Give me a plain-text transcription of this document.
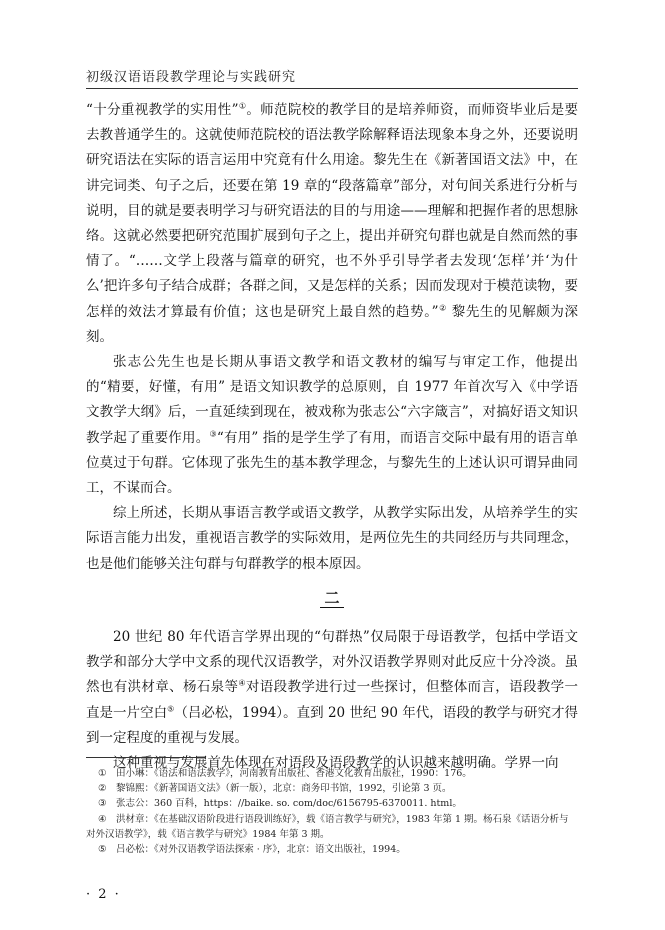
初级汉语语段教学理论与实践研究

“十分重视教学的实用性”①。师范院校的教学目的是培养师资，而师资毕业后是要去教普通学生的。这就使师范院校的语法教学除解释语法现象本身之外，还要说明研究语法在实际的语言运用中究竟有什么用途。黎先生在《新著国语文法》中，在讲完词类、句子之后，还要在第 19 章的“段落篇章”部分，对句间关系进行分析与说明，目的就是要表明学习与研究语法的目的与用途——理解和把握作者的思想脉络。这就必然要把研究范围扩展到句子之上，提出并研究句群也就是自然而然的事情了。“……文学上段落与篇章的研究，也不外乎引导学者去发现‘怎样’并‘为什么’把许多句子结合成群；各群之间，又是怎样的关系；因而发现对于模范读物，要怎样的效法才算最有价值；这也是研究上最自然的趋势。”② 黎先生的见解颇为深刻。

张志公先生也是长期从事语文教学和语文教材的编写与审定工作，他提出的“精要，好懂，有用” 是语文知识教学的总原则，自 1977 年首次写入《中学语文教学大纲》后，一直延续到现在，被戏称为张志公“六字箴言”，对搞好语文知识教学起了重要作用。③“有用” 指的是学生学了有用，而语言交际中最有用的语言单位莫过于句群。它体现了张先生的基本教学理念，与黎先生的上述认识可谓异曲同工，不谋而合。

综上所述，长期从事语言教学或语文教学，从教学实际出发，从培养学生的实际语言能力出发，重视语言教学的实际效用，是两位先生的共同经历与共同理念，也是他们能够关注句群与句群教学的根本原因。

二

20 世纪 80 年代语言学界出现的“句群热”仅局限于母语教学，包括中学语文教学和部分大学中文系的现代汉语教学，对外汉语教学界则对此反应十分冷淡。虽然也有洪材章、杨石泉等④对语段教学进行过一些探讨，但整体而言，语段教学一直是一片空白⑤（吕必松，1994）。直到 20 世纪 90 年代，语段的教学与研究才得到一定程度的重视与发展。

这种重视与发展首先体现在对语段及语段教学的认识越来越明确。学界一向

① 田小琳：《语法和语法教学》，河南教育出版社、香港文化教育出版社，1990：176。

② 黎锦熙：《新著国语文法》（新一版），北京：商务印书馆，1992，引论第 3 页。

③ 张志公：360 百科，https：//baike. so. com/doc/6156795-6370011. html。

④ 洪材章：《在基础汉语阶段进行语段训练好》，载《语言教学与研究》，1983 年第 1 期。杨石泉《话语分析与对外汉语教学》，载《语言教学与研究》1984 年第 3 期。

⑤ 吕必松：《对外汉语教学语法探索 · 序》，北京：语文出版社，1994。

· 2 ·
